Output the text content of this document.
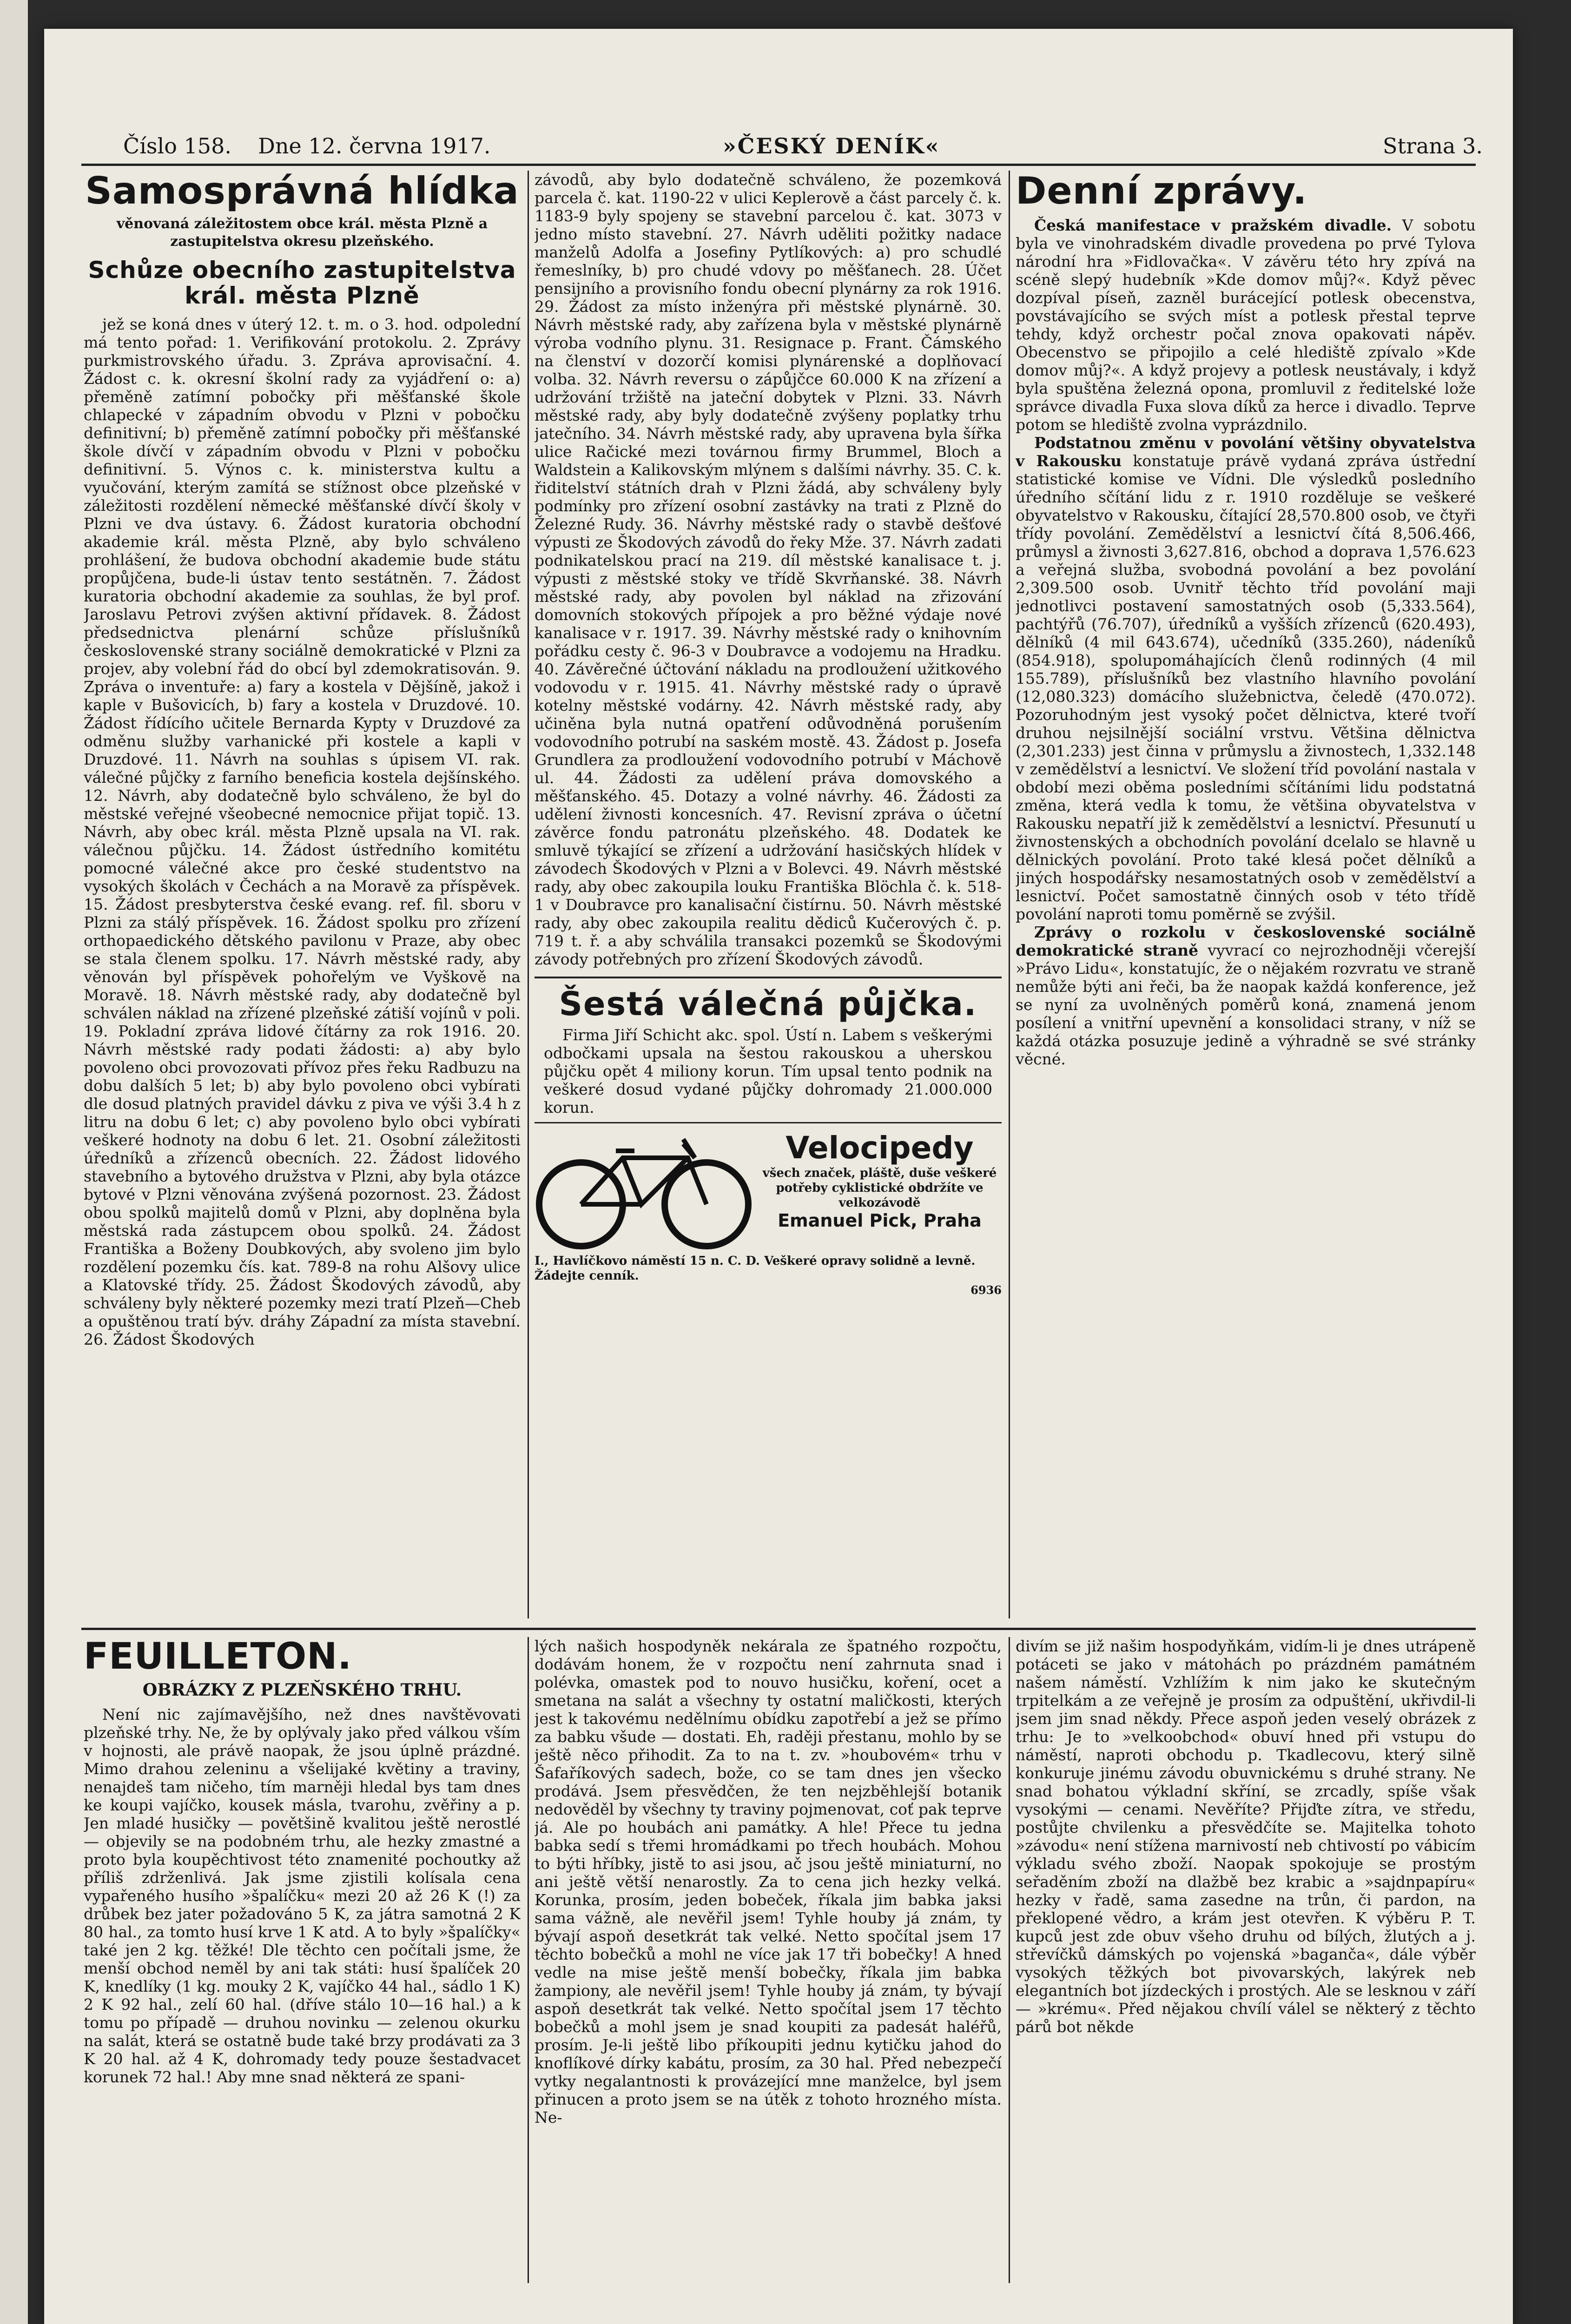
Číslo 158. Dne 12. června 1917.	»ČESKÝ DENÍK«	Strana 3.
Samosprávná hlídka
věnovaná záležitostem obce král. města Plzně a zastupitelstva okresu plzeňského.
Schůze obecního zastupitelstva král. města Plzně

jež se koná dnes v úterý 12. t. m. o 3. hod. odpolední má tento pořad: 1. Verifikování protokolu. 2. Zprávy purkmistrovského úřadu. 3. Zpráva aprovisační. 4. Žádost c. k. okresní školní rady za vyjádření o: a) přeměně zatímní pobočky při měšťanské škole chlapecké v západním obvodu v Plzni v pobočku definitivní; b) přeměně zatímní pobočky při měšťanské škole dívčí v západním obvodu v Plzni v pobočku definitivní. 5. Výnos c. k. ministerstva kultu a vyučování, kterým zamítá se stížnost obce plzeňské v záležitosti rozdělení německé měšťanské dívčí školy v Plzni ve dva ústavy. 6. Žádost kuratoria obchodní akademie král. města Plzně, aby bylo schváleno prohlášení, že budova obchodní akademie bude státu propůjčena, bude-li ústav tento sestátněn. 7. Žádost kuratoria obchodní akademie za souhlas, že byl prof. Jaroslavu Petrovi zvýšen aktivní přídavek. 8. Žádost předsednictva plenární schůze příslušníků československé strany sociálně demokratické v Plzni za projev, aby volební řád do obcí byl zdemokratisován. 9. Zpráva o inventuře: a) fary a kostela v Dějšíně, jakož i kaple v Bušovicích, b) fary a kostela v Druzdové. 10. Žádost řídícího učitele Bernarda Kypty v Druzdové za odměnu služby varhanické při kostele a kapli v Druzdové. 11. Návrh na souhlas s úpisem VI. rak. válečné půjčky z farního beneficia kostela dejšínského. 12. Návrh, aby dodatečně bylo schváleno, že byl do městské veřejné všeobecné nemocnice přijat topič. 13. Návrh, aby obec král. města Plzně upsala na VI. rak. válečnou půjčku. 14. Žádost ústředního komitétu pomocné válečné akce pro české studentstvo na vysokých školách v Čechách a na Moravě za příspěvek. 15. Žádost presbyterstva české evang. ref. fil. sboru v Plzni za stálý příspěvek. 16. Žádost spolku pro zřízení orthopaedického dětského pavilonu v Praze, aby obec se stala členem spolku. 17. Návrh městské rady, aby věnován byl příspěvek pohořelým ve Vyškově na Moravě. 18. Návrh městské rady, aby dodatečně byl schválen náklad na zřízené plzeňské zátiší vojínů v poli. 19. Pokladní zpráva lidové čítárny za rok 1916. 20. Návrh městské rady podati žádosti: a) aby bylo povoleno obci provozovati přívoz přes řeku Radbuzu na dobu dalších 5 let; b) aby bylo povoleno obci vybírati dle dosud platných pravidel dávku z piva ve výši 3.4 h z litru na dobu 6 let; c) aby povoleno bylo obci vybírati veškeré hodnoty na dobu 6 let. 21. Osobní záležitosti úředníků a zřízenců obecních. 22. Žádost lidového stavebního a bytového družstva v Plzni, aby byla otázce bytové v Plzni věnována zvýšená pozornost. 23. Žádost obou spolků majitelů domů v Plzni, aby doplněna byla městská rada zástupcem obou spolků. 24. Žádost Františka a Boženy Doubkových, aby svoleno jim bylo rozdělení pozemku čís. kat. 789-8 na rohu Alšovy ulice a Klatovské třídy. 25. Žádost Škodových závodů, aby schváleny byly některé pozemky mezi tratí Plzeň—Cheb a opuštěnou tratí býv. dráhy Západní za místa stavební. 26. Žádost Škodových

závodů, aby bylo dodatečně schváleno, že pozemková parcela č. kat. 1190-22 v ulici Keplerově a část parcely č. k. 1183-9 byly spojeny se stavební parcelou č. kat. 3073 v jedno místo stavební. 27. Návrh uděliti požitky nadace manželů Adolfa a Josefiny Pytlíkových: a) pro schudlé řemeslníky, b) pro chudé vdovy po měšťanech. 28. Účet pensijního a provisního fondu obecní plynárny za rok 1916. 29. Žádost za místo inženýra při městské plynárně. 30. Návrh městské rady, aby zařízena byla v městské plynárně výroba vodního plynu. 31. Resignace p. Frant. Čámského na členství v dozorčí komisi plynárenské a doplňovací volba. 32. Návrh reversu o zápůjčce 60.000 K na zřízení a udržování tržiště na jateční dobytek v Plzni. 33. Návrh městské rady, aby byly dodatečně zvýšeny poplatky trhu jatečního. 34. Návrh městské rady, aby upravena byla šířka ulice Račické mezi továrnou firmy Brummel, Bloch a Waldstein a Kalikovským mlýnem s dalšími návrhy. 35. C. k. řiditelství státních drah v Plzni žádá, aby schváleny byly podmínky pro zřízení osobní zastávky na trati z Plzně do Železné Rudy. 36. Návrhy městské rady o stavbě dešťové výpusti ze Škodových závodů do řeky Mže. 37. Návrh zadati podnikatelskou prací na 219. díl městské kanalisace t. j. výpusti z městské stoky ve třídě Skvrňanské. 38. Návrh městské rady, aby povolen byl náklad na zřizování domovních stokových přípojek a pro běžné výdaje nové kanalisace v r. 1917. 39. Návrhy městské rady o knihovním pořádku cesty č. 96-3 v Doubravce a vodojemu na Hradku. 40. Závěrečné účtování nákladu na prodloužení užitkového vodovodu v r. 1915. 41. Návrhy městské rady o úpravě kotelny městské vodárny. 42. Návrh městské rady, aby učiněna byla nutná opatření odůvodněná porušením vodovodního potrubí na saském mostě. 43. Žádost p. Josefa Grundlera za prodloužení vodovodního potrubí v Máchově ul. 44. Žádosti za udělení práva domovského a měšťanského. 45. Dotazy a volné návrhy. 46. Žádosti za udělení živnosti koncesních. 47. Revisní zpráva o účetní závěrce fondu patronátu plzeňského. 48. Dodatek ke smluvě týkající se zřízení a udržování hasičských hlídek v závodech Škodových v Plzni a v Bolevci. 49. Návrh městské rady, aby obec zakoupila louku Františka Blöchla č. k. 518-1 v Doubravce pro kanalisační čistírnu. 50. Návrh městské rady, aby obec zakoupila realitu dědiců Kučerových č. p. 719 t. ř. a aby schválila transakci pozemků se Škodovými závody potřebných pro zřízení Škodových závodů.

Šestá válečná půjčka.

Firma Jiří Schicht akc. spol. Ústí n. Labem s veškerými odbočkami upsala na šestou rakouskou a uherskou půjčku opět 4 miliony korun. Tím upsal tento podnik na veškeré dosud vydané půjčky dohromady 21.000.000 korun.

Velocipedy
všech značek, pláště, duše veškeré potřeby cyklistické obdržíte ve velkozávodě
Emanuel Pick, Praha
I., Havlíčkovo náměstí 15 n. C. D. Veškeré opravy solidně a levně. Žádejte cenník.
6936
Denní zprávy.

Česká manifestace v pražském divadle. V sobotu byla ve vinohradském divadle provedena po prvé Tylova národní hra »Fidlovačka«. V závěru této hry zpívá na scéně slepý hudebník »Kde domov můj?«. Když pěvec dozpíval píseň, zazněl burácející potlesk obecenstva, povstávajícího se svých míst a potlesk přestal teprve tehdy, když orchestr počal znova opakovati nápěv. Obecenstvo se připojilo a celé hlediště zpívalo »Kde domov můj?«. A když projevy a potlesk neustávaly, i když byla spuštěna železná opona, promluvil z ředitelské lože správce divadla Fuxa slova díků za herce i divadlo. Teprve potom se hlediště zvolna vyprázdnilo.

Podstatnou změnu v povolání většiny obyvatelstva v Rakousku konstatuje právě vydaná zpráva ústřední statistické komise ve Vídni. Dle výsledků posledního úředního sčítání lidu z r. 1910 rozděluje se veškeré obyvatelstvo v Rakousku, čítající 28,570.800 osob, ve čtyři třídy povolání. Zemědělství a lesnictví čítá 8,506.466, průmysl a živnosti 3,627.816, obchod a doprava 1,576.623 a veřejná služba, svobodná povolání a bez povolání 2,309.500 osob. Uvnitř těchto tříd povolání maji jednotlivci postavení samostatných osob (5,333.564), pachtýřů (76.707), úředníků a vyšších zřízenců (620.493), dělníků (4 mil 643.674), učedníků (335.260), nádeníků (854.918), spolupomáhajících členů rodinných (4 mil 155.789), příslušníků bez vlastního hlavního povolání (12,080.323) domácího služebnictva, čeledě (470.072). Pozoruhodným jest vysoký počet dělnictva, které tvoří druhou nejsilnější sociální vrstvu. Většina dělnictva (2,301.233) jest činna v průmyslu a živnostech, 1,332.148 v zemědělství a lesnictví. Ve složení tříd povolání nastala v období mezi oběma posledními sčítáními lidu podstatná změna, která vedla k tomu, že většina obyvatelstva v Rakousku nepatří již k zemědělství a lesnictví. Přesunutí u živnostenských a obchodních povolání dcelalo se hlavně u dělnických povolání. Proto také klesá počet dělníků a jiných hospodářsky nesamostatných osob v zemědělství a lesnictví. Počet samostatně činných osob v této třídě povolání naproti tomu poměrně se zvýšil.

Zprávy o rozkolu v československé sociálně demokratické straně vyvrací co nejrozhodněji včerejší »Právo Lidu«, konstatujíc, že o nějakém rozvratu ve straně nemůže býti ani řeči, ba že naopak každá konference, jež se nyní za uvolněných poměrů koná, znamená jenom posílení a vnitřní upevnění a konsolidaci strany, v níž se každá otázka posuzuje jedině a výhradně se své stránky věcné.

FEUILLETON.
OBRÁZKY Z PLZEŇSKÉHO TRHU.

Není nic zajímavějšího, než dnes navštěvovati plzeňské trhy. Ne, že by oplývaly jako před válkou vším v hojnosti, ale právě naopak, že jsou úplně prázdné. Mimo drahou zeleninu a všelijaké květiny a traviny, nenajdeš tam ničeho, tím marněji hledal bys tam dnes ke koupi vajíčko, kousek másla, tvarohu, zvěřiny a p. Jen mladé husičky — povětšině kvalitou ještě nerostlé — objevily se na podobném trhu, ale hezky zmastné a proto byla koupěchtivost této znamenité pochoutky až příliš zdrženlivá. Jak jsme zjistili kolísala cena vypařeného husího »špalíčku« mezi 20 až 26 K (!) za drůbek bez jater požadováno 5 K, za játra samotná 2 K 80 hal., za tomto husí krve 1 K atd. A to byly »špalíčky« také jen 2 kg. těžké! Dle těchto cen počítali jsme, že menší obchod neměl by ani tak státi: husí špalíček 20 K, knedlíky (1 kg. mouky 2 K, vajíčko 44 hal., sádlo 1 K) 2 K 92 hal., zelí 60 hal. (dříve stálo 10—16 hal.) a k tomu po případě — druhou novinku — zelenou okurku na salát, která se ostatně bude také brzy prodávati za 3 K 20 hal. až 4 K, dohromady tedy pouze šestadvacet korunek 72 hal.! Aby mne snad některá ze spani-

lých našich hospodyněk nekárala ze špatného rozpočtu, dodávám honem, že v rozpočtu není zahrnuta snad i polévka, omastek pod to nouvo husičku, koření, ocet a smetana na salát a všechny ty ostatní maličkosti, kterých jest k takovému nedělnímu obídku zapotřebí a jež se přímo za babku všude — dostati. Eh, raději přestanu, mohlo by se ještě něco přihodit. Za to na t. zv. »houbovém« trhu v Šafaříkových sadech, bože, co se tam dnes jen všecko prodává. Jsem přesvědčen, že ten nejzběhlejší botanik nedověděl by všechny ty traviny pojmenovat, coť pak teprve já. Ale po houbách ani památky. A hle! Přece tu jedna babka sedí s třemi hromádkami po třech houbách. Mohou to býti hříbky, jistě to asi jsou, ač jsou ještě miniaturní, no ani ještě větší nenarostly. Za to cena jich hezky velká. Korunka, prosím, jeden bobeček, říkala jim babka jaksi sama vážně, ale nevěřil jsem! Tyhle houby já znám, ty bývají aspoň desetkrát tak velké. Netto spočítal jsem 17 těchto bobečků a mohl ne více jak 17 tři bobečky! A hned vedle na mise ještě menší bobečky, říkala jim babka žampiony, ale nevěřil jsem! Tyhle houby já znám, ty bývají aspoň desetkrát tak velké. Netto spočítal jsem 17 těchto bobečků a mohl jsem je snad koupiti za padesát haléřů, prosím. Je-li ještě libo příkoupiti jednu kytičku jahod do knoflíkové dírky kabátu, prosím, za 30 hal. Před nebezpečí vytky negalantnosti k provázející mne manželce, byl jsem přinucen a proto jsem se na útěk z tohoto hrozného místa. Ne-

divím se již našim hospodyňkám, vidím-li je dnes utrápeně potáceti se jako v mátohách po prázdném památném našem náměstí. Vzhlížím k nim jako ke skutečným trpitelkám a ze veřejně je prosím za odpuštění, ukřivdil-li jsem jim snad někdy. Přece aspoň jeden veselý obrázek z trhu: Je to »velkoobchod« obuví hned při vstupu do náměstí, naproti obchodu p. Tkadlecovu, který silně konkuruje jinému závodu obuvnickému s druhé strany. Ne snad bohatou výkladní skříní, se zrcadly, spíše však vysokými — cenami. Nevěříte? Přijďte zítra, ve středu, postůjte chvilenku a přesvědčíte se. Majitelka tohoto »závodu« není stížena marnivostí neb chtivostí po vábicím výkladu svého zboží. Naopak spokojuje se prostým seřaděním zboží na dlažbě bez krabic a »sajdnpapíru« hezky v řadě, sama zasedne na trůn, či pardon, na překlopené vědro, a krám jest otevřen. K výběru P. T. kupců jest zde obuv všeho druhu od bílých, žlutých a j. střevíčků dámských po vojenská »baganča«, dále výběr vysokých těžkých bot pivovarských, lakýrek neb elegantních bot jízdeckých i prostých. Ale se lesknou v září — »krému«. Před nějakou chvílí válel se některý z těchto párů bot někde
